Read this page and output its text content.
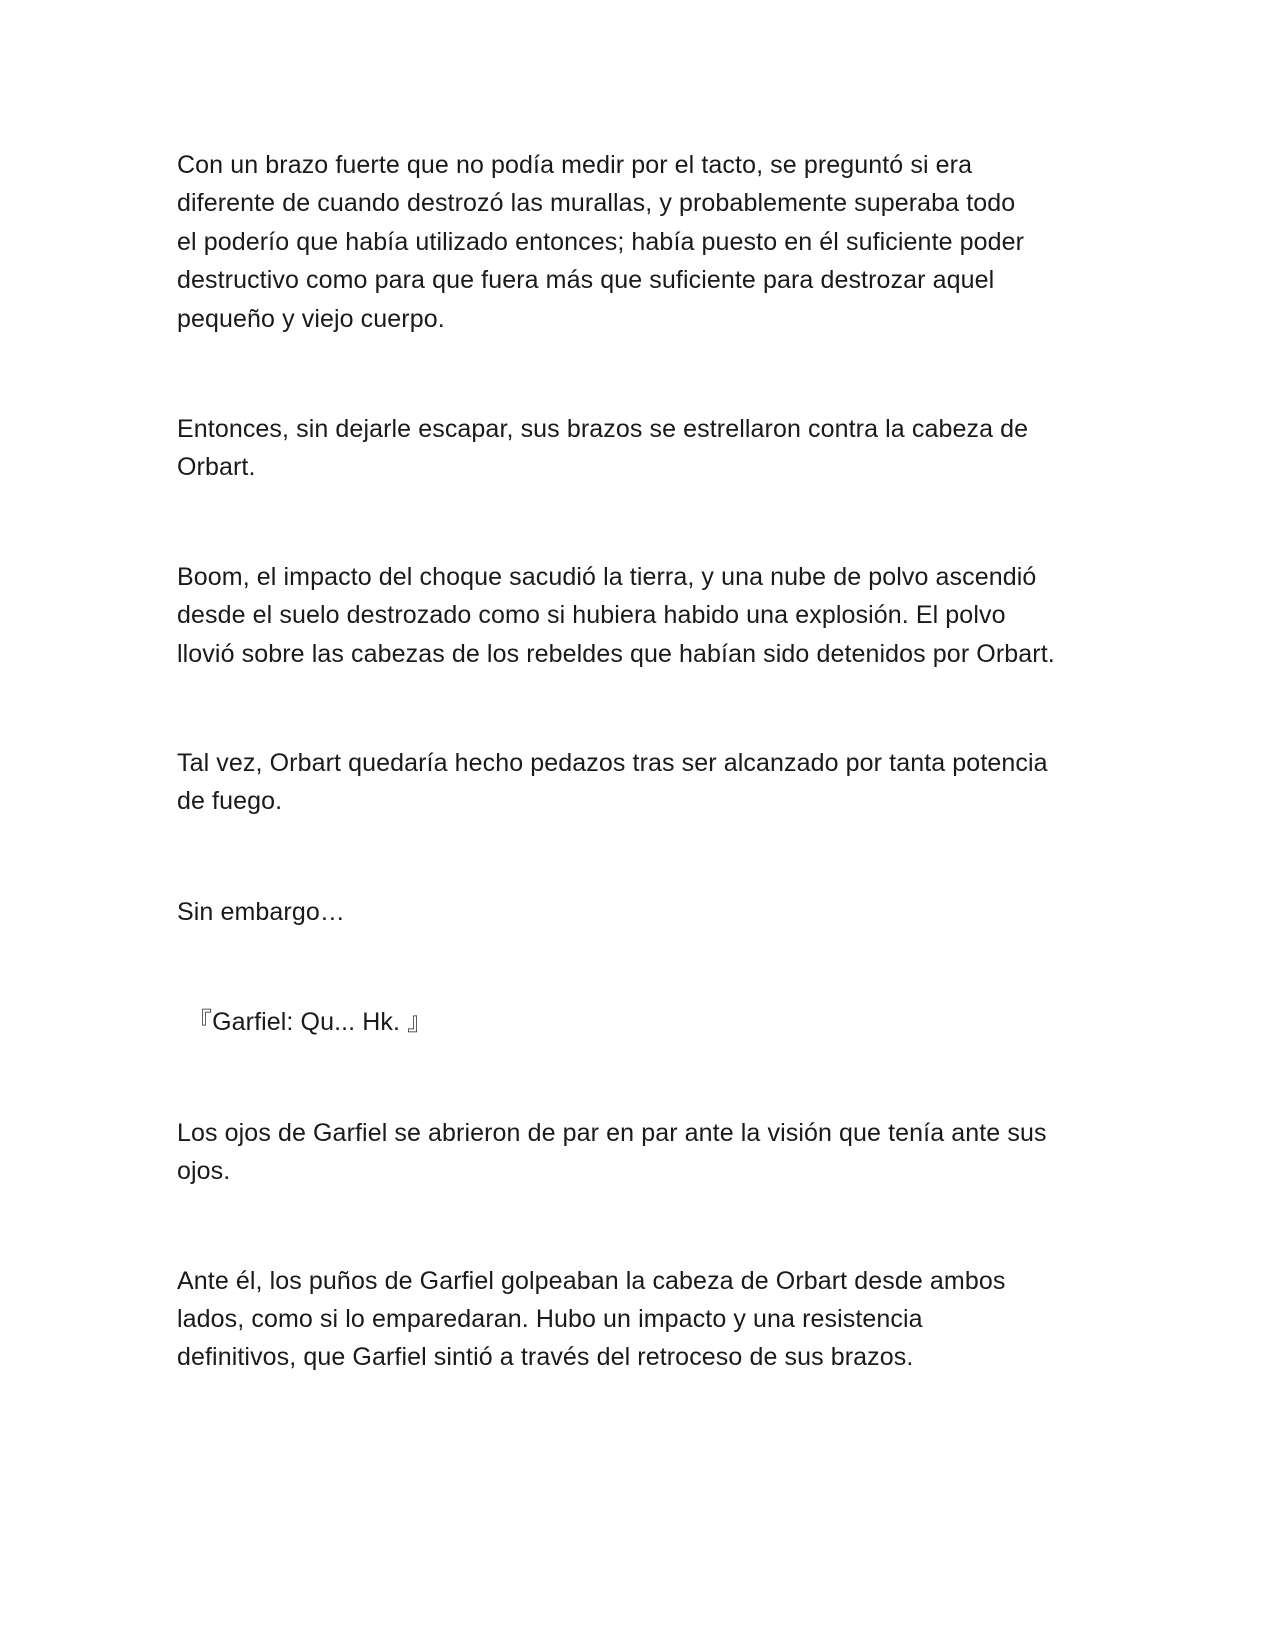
Con un brazo fuerte que no podía medir por el tacto, se preguntó si era
diferente de cuando destrozó las murallas, y probablemente superaba todo
el poderío que había utilizado entonces; había puesto en él suficiente poder
destructivo como para que fuera más que suficiente para destrozar aquel
pequeño y viejo cuerpo.

Entonces, sin dejarle escapar, sus brazos se estrellaron contra la cabeza de
Orbart.

Boom, el impacto del choque sacudió la tierra, y una nube de polvo ascendió
desde el suelo destrozado como si hubiera habido una explosión. El polvo
llovió sobre las cabezas de los rebeldes que habían sido detenidos por Orbart.

Tal vez, Orbart quedaría hecho pedazos tras ser alcanzado por tanta potencia
de fuego.

Sin embargo…

『Garfiel: Qu... Hk. 』

Los ojos de Garfiel se abrieron de par en par ante la visión que tenía ante sus
ojos.

Ante él, los puños de Garfiel golpeaban la cabeza de Orbart desde ambos
lados, como si lo emparedaran. Hubo un impacto y una resistencia
definitivos, que Garfiel sintió a través del retroceso de sus brazos.
